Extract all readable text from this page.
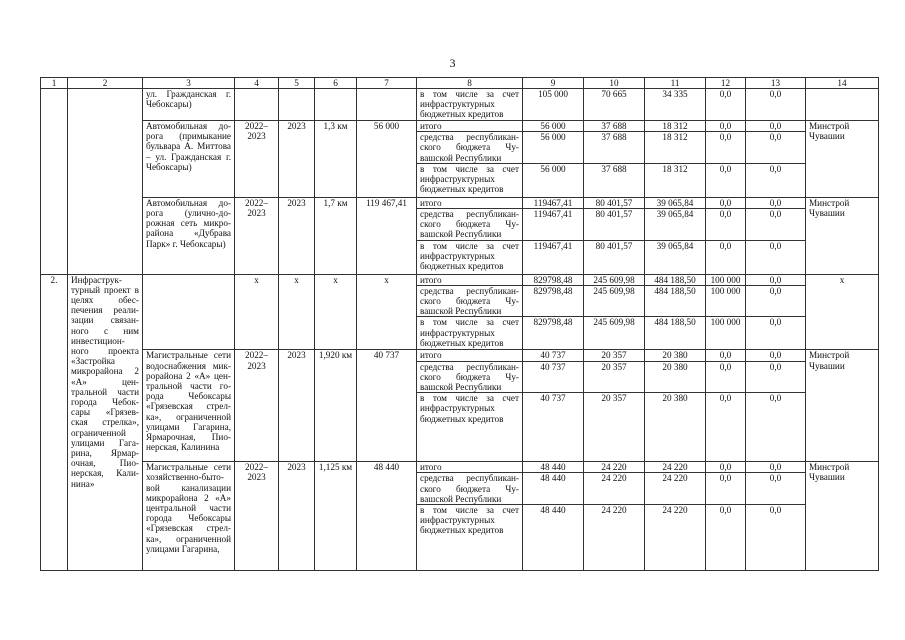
3
1	2	3	4	5	6	7	8	9	10	11	12	13	14
		ул. Гражданская г. Чебоксары)					в том числе за счет инфраструктурных бюджетных кредитов	105 000	70 665	34 335	0,0	0,0	
		Автомобильная до-рога (примыкание бульвара А. Миттова – ул. Гражданская г. Чебоксары)	2022–2023	2023	1,3 км	56 000	итого	56 000	37 688	18 312	0,0	0,0	Минстрой Чувашии
							средства республикан-ского бюджета Чу-вашской Республики	56 000	37 688	18 312	0,0	0,0	
							в том числе за счет инфраструктурных бюджетных кредитов	56 000	37 688	18 312	0,0	0,0	
		Автомобильная до-рога (улично-до-рожная сеть микро-района «Дубрава Парк» г. Чебоксары)	2022–2023	2023	1,7 км	119 467,41	итого	119467,41	80 401,57	39 065,84	0,0	0,0	Минстрой Чувашии
							средства республикан-ского бюджета Чу-вашской Республики	119467,41	80 401,57	39 065,84	0,0	0,0	
							в том числе за счет инфраструктурных бюджетных кредитов	119467,41	80 401,57	39 065,84	0,0	0,0	
2.	Инфраструк-турный проект в целях обес-печения реали-зации связан-ного с ним инвестицион-ного проекта «Застройка микрорайона 2 «А» цен-тральной части города Чебок-сары «Грязев-ская стрелка», ограниченной улицами Гага-рина, Ярмар-очная, Пио-нерская, Кали-нина»		x	x	x	x	итого	829798,48	245 609,98	484 188,50	100 000	0,0	x
							средства республикан-ского бюджета Чу-вашской Республики	829798,48	245 609,98	484 188,50	100 000	0,0	
							в том числе за счет инфраструктурных бюджетных кредитов	829798,48	245 609,98	484 188,50	100 000	0,0	
		Магистральные сети водоснабжения мик-рорайона 2 «А» цен-тральной части го-рода Чебоксары «Грязевская стрел-ка», ограниченной улицами Гагарина, Ярмарочная, Пио-нерская, Калинина	2022–2023	2023	1,920 км	40 737	итого	40 737	20 357	20 380	0,0	0,0	Минстрой Чувашии
							средства республикан-ского бюджета Чу-вашской Республики	40 737	20 357	20 380	0,0	0,0	
							в том числе за счет инфраструктурных бюджетных кредитов	40 737	20 357	20 380	0,0	0,0	
		Магистральные сети хозяйственно-быто-вой канализации микрорайона 2 «А» центральной части города Чебоксары «Грязевская стрел-ка», ограниченной улицами Гагарина,	2022–2023	2023	1,125 км	48 440	итого	48 440	24 220	24 220	0,0	0,0	Минстрой Чувашии
							средства республикан-ского бюджета Чу-вашской Республики	48 440	24 220	24 220	0,0	0,0	
							в том числе за счет инфраструктурных бюджетных кредитов	48 440	24 220	24 220	0,0	0,0	
